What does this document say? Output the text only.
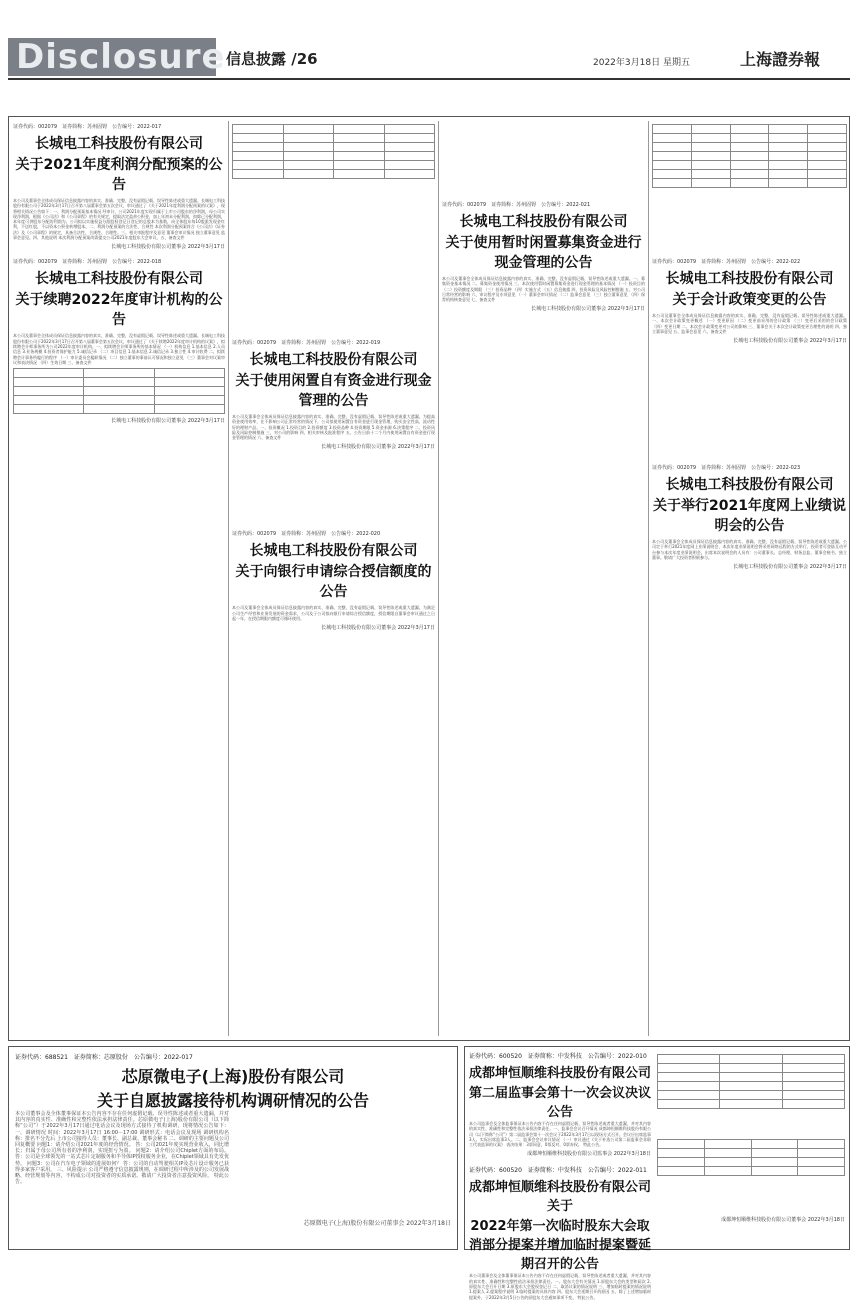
Disclosure 信息披露 /26	2022年3月18日 星期五	上海證券報
证券代码：002079　证券简称：苏州固锝　公告编号：2022-017
长城电工科技股份有限公司
关于2021年度利润分配预案的公告
本公司及董事会全体成员保证信息披露内容的真实、准确、完整，没有虚假记载、误导性陈述或重大遗漏。长城电工科技股份有限公司于2022年3月17日召开第八届董事会第五次会议，审议通过了《关于2021年度利润分配预案的议案》，现将相关情况公告如下：一、利润分配预案基本情况 经审计，公司2021年度实现归属于上市公司股东的净利润，母公司实现净利润，根据《公司法》和《公司章程》的有关规定，提取法定盈余公积金，加上年初未分配利润，扣除已分配利润，本年度可供股东分配的利润为。公司拟以实施权益分派股权登记日登记的总股本为基数，向全体股东每10股派发现金红利，不送红股，不以资本公积金转增股本。二、利润分配预案的合法性、合规性 本次利润分配预案符合《公司法》《证券法》及《公司章程》的规定，具备合法性、合规性、合理性。三、相关审批程序及意见 董事会审议情况 独立董事意见 监事会意见。四、其他说明 本次利润分配预案尚需提交公司2021年度股东大会审议。五、备查文件
长城电工科技股份有限公司董事会 2022年3月17日
证券代码：002079　证券简称：苏州固锝　公告编号：2022-018
长城电工科技股份有限公司
关于续聘2022年度审计机构的公告
本公司及董事会全体成员保证信息披露内容的真实、准确、完整，没有虚假记载、误导性陈述或重大遗漏。长城电工科技股份有限公司于2022年3月17日召开第八届董事会第五次会议，审议通过了《关于续聘2022年度审计机构的议案》，拟续聘会计师事务所为公司2022年度审计机构。一、拟续聘会计师事务所的基本情况 （一）机构信息 1.基本信息 2.人员信息 3.业务规模 4.投资者保护能力 5.诚信记录 （二）项目信息 1.基本信息 2.诚信记录 3.独立性 4.审计收费 二、拟续聘会计事务所履行的程序 （一）审计委员会履职情况 （二）独立董事的事前认可情况和独立意见 （三）董事会对议案审议和表决情况 （四）生效日期 三、备查文件

长城电工科技股份有限公司董事会 2022年3月17日

证券代码：002079　证券简称：苏州固锝　公告编号：2022-019
长城电工科技股份有限公司
关于使用闲置自有资金进行现金管理的公告
本公司及董事会全体成员保证信息披露内容的真实、准确、完整，没有虚假记载、误导性陈述或重大遗漏。为提高资金使用效率，在不影响公司正常经营的情况下，公司拟使用闲置自有资金进行现金管理，购买安全性高、流动性好的理财产品。一、投资概况 1.投资目的 2.投资额度 3.投资品种 4.投资期限 5.资金来源 6.决策程序 二、投资风险及风险控制措施 三、对公司的影响 四、相关审核及批准程序 五、公告日前十二个月内使用闲置自有资金进行现金管理的情况 六、备查文件
长城电工科技股份有限公司董事会 2022年3月17日
证券代码：002079　证券简称：苏州固锝　公告编号：2022-020
长城电工科技股份有限公司
关于向银行申请综合授信额度的公告
本公司及董事会全体成员保证信息披露内容的真实、准确、完整，没有虚假记载、误导性陈述或重大遗漏。为满足公司生产经营和业务发展的资金需求，公司及子公司拟向银行申请综合授信额度，授信期限自董事会审议通过之日起一年，在授信期限内额度可循环使用。
长城电工科技股份有限公司董事会 2022年3月17日
证券代码：002079　证券简称：苏州固锝　公告编号：2022-021
长城电工科技股份有限公司
关于使用暂时闲置募集资金进行现金管理的公告
本公司及董事会全体成员保证信息披露内容的真实、准确、完整，没有虚假记载、误导性陈述或重大遗漏。一、募集资金基本情况 二、募集资金使用情况 三、本次使用暂时闲置募集资金进行现金管理的基本情况 （一）投资目的 （二）投资额度及期限 （三）投资品种 （四）实施方式 （五）信息披露 四、投资风险及风险控制措施 五、对公司日常经营的影响 六、审议程序及专项意见 （一）董事会审议情况 （二）监事会意见 （三）独立董事意见 （四）保荐机构核查意见 七、备查文件
长城电工科技股份有限公司董事会 2022年3月17日

证券代码：002079　证券简称：苏州固锝　公告编号：2022-022
长城电工科技股份有限公司
关于会计政策变更的公告
本公司及董事会全体成员保证信息披露内容的真实、准确、完整，没有虚假记载、误导性陈述或重大遗漏。一、本次会计政策变更概述 （一）变更原因 （二）变更前采用的会计政策 （三）变更后采用的会计政策 （四）变更日期 二、本次会计政策变更对公司的影响 三、董事会关于本次会计政策变更合理性的说明 四、独立董事意见 五、监事会意见 六、备查文件
长城电工科技股份有限公司董事会 2022年3月17日
证券代码：002079　证券简称：苏州固锝　公告编号：2022-023
长城电工科技股份有限公司
关于举行2021年度网上业绩说明会的公告
本公司及董事会全体成员保证信息披露内容的真实、准确、完整，没有虚假记载、误导性陈述或重大遗漏。公司定于举行2021年度网上业绩说明会，本次年度业绩说明会将采用网络远程的方式举行，投资者可登陆互动平台参与本次年度业绩说明会。出席本次说明会的人员有：公司董事长、总经理、财务总监、董事会秘书、独立董事。敬请广大投资者积极参与。
长城电工科技股份有限公司董事会 2022年3月17日
证券代码：688521　证券简称：芯原股份　公告编号：2022-017
芯原微电子(上海)股份有限公司
关于自愿披露接待机构调研情况的公告
本公司董事会及全体董事保证本公告内容不存在任何虚假记载、误导性陈述或者重大遗漏，并对其内容的真实性、准确性和完整性依法承担法律责任。芯原微电子(上海)股份有限公司（以下简称“公司”）于2022年3月17日通过电话会议及现场方式接待了机构调研，现将情况公告如下：一、调研情况 时间：2022年3月17日 16:00－17:00 调研形式：电话会议及现场 调研机构名称：排名不分先后 上市公司接待人员：董事长、副总裁、董事会秘书 二、调研的主要问题及公司回复概要 问题1：请介绍公司2021年度的经营情况。 答：公司2021年度实现营业收入，同比增长；归属于母公司所有者的净利润，实现扭亏为盈。 问题2：请介绍公司Chiplet方面的布局。 答：公司是全球领先的一站式芯片定制服务和半导体IP授权服务企业，在Chiplet领域具有先发优势。 问题3：公司在汽车电子领域的进展如何？ 答：公司的自动驾驶相关IP及芯片设计服务已获得多家客户采用。 三、风险提示 公司严格遵守信息披露规则，在调研过程中所涉及的公司发展战略、经营规划等内容，不构成公司对投资者的实质承诺。敬请广大投资者注意投资风险。 特此公告。
芯原微电子(上海)股份有限公司董事会 2022年3月18日
证券代码：600520　证券简称：中发科技　公告编号：2022-010
成都坤恒顺维科技股份有限公司
第二届监事会第十一次会议决议公告
本公司监事会及全体监事保证本公告内容不存在任何虚假记载、误导性陈述或者重大遗漏，并对其内容的真实性、准确性和完整性依法承担法律责任。一、监事会会议召开情况 成都坤恒顺维科技股份有限公司（以下简称“公司”）第二届监事会第十一次会议于2022年3月17日以现场方式召开。会议应出席监事3人，实际出席监事3人。二、监事会会议审议情况 （一）审议通过《关于补选公司第二届监事会非职工代表监事的议案》 表决结果：3票同意，0票反对，0票弃权。 特此公告。
成都坤恒顺维科技股份有限公司监事会 2022年3月18日
证券代码：600520　证券简称：中发科技　公告编号：2022-011
成都坤恒顺维科技股份有限公司关于
2022年第一次临时股东大会取消部分提案并增加临时提案暨延期召开的公告
本公司董事会及全体董事保证本公告内容不存在任何虚假记载、误导性陈述或者重大遗漏，并对其内容的真实性、准确性和完整性依法承担法律责任。一、股东大会有关情况 1.原股东大会的类型和届次 2.原股东大会召开日期 3.原股东大会股权登记日 二、取消议案的情况说明 三、增加临时提案的情况说明 1.提案人 2.提案程序说明 3.临时提案的具体内容 四、股东大会延期召开的原因 五、除了上述增加临时提案外，于2022年3月5日公告的原股东大会通知事项不变。 特此公告。

成都坤恒顺维科技股份有限公司董事会 2022年3月18日
